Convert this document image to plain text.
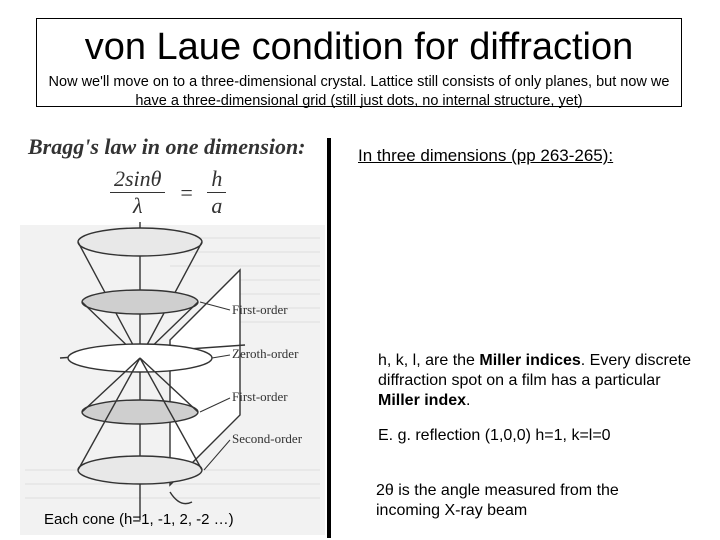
von Laue condition for diffraction
Now we'll move on to a three-dimensional crystal. Lattice still consists of only planes, but now we have a three-dimensional grid (still just dots, no internal structure, yet)
Bragg's law in one dimension:
$\frac{2\sin\theta}{\lambda} = \frac{h}{a}$
First-order
Zeroth-order
First-order
Second-order
Each cone (h=1, -1, 2, -2 …)
In three dimensions (pp 263-265):
h, k, l, are the Miller indices. Every discrete diffraction spot on a film has a particular Miller index.
E. g. reflection (1,0,0) h=1, k=l=0
2θ is the angle measured from the incoming X-ray beam
